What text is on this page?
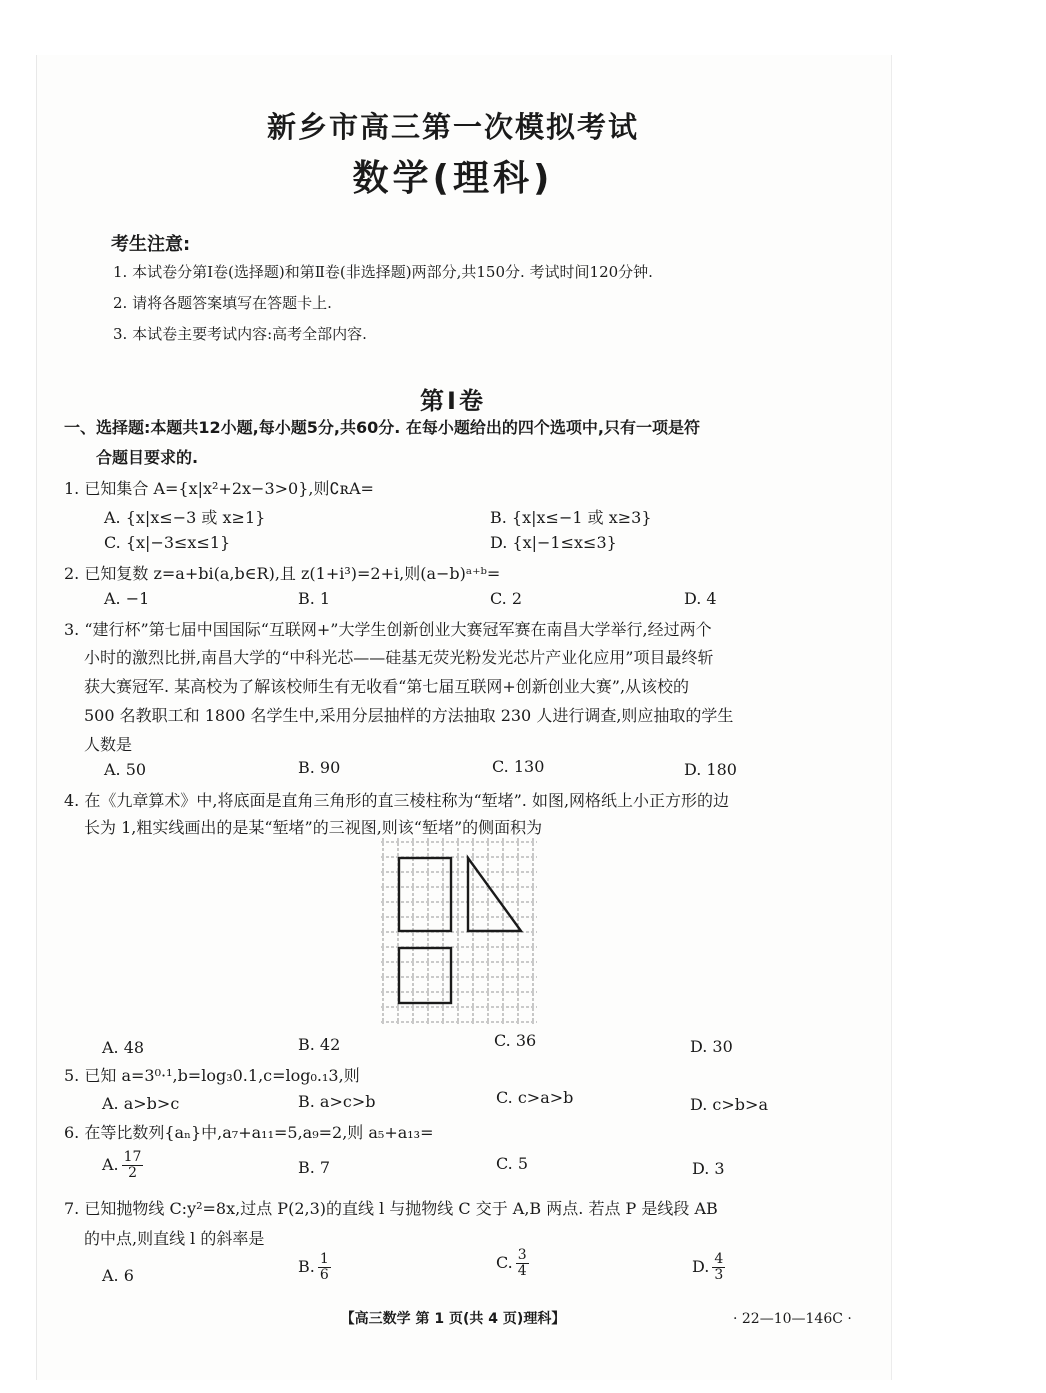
新乡市高三第一次模拟考试
数学(理科)
考生注意:
1. 本试卷分第Ⅰ卷(选择题)和第Ⅱ卷(非选择题)两部分,共150分. 考试时间120分钟.
2. 请将各题答案填写在答题卡上.
3. 本试卷主要考试内容:高考全部内容.
第Ⅰ卷
一、选择题:本题共12小题,每小题5分,共60分. 在每小题给出的四个选项中,只有一项是符
合题目要求的.
1. 已知集合 A={x|x²+2x−3>0},则∁ʀA=
A. {x|x≤−3 或 x≥1}	B. {x|x≤−1 或 x≥3}
C. {x|−3≤x≤1}	D. {x|−1≤x≤3}
2. 已知复数 z=a+bi(a,b∈R),且 z(1+i³)=2+i,则(a−b)ᵃ⁺ᵇ=
A. −1	B. 1	C. 2	D. 4
3. “建行杯”第七届中国国际“互联网+”大学生创新创业大赛冠军赛在南昌大学举行,经过两个
小时的激烈比拼,南昌大学的“中科光芯——硅基无荧光粉发光芯片产业化应用”项目最终斩
获大赛冠军. 某高校为了解该校师生有无收看“第七届互联网+创新创业大赛”,从该校的
500 名教职工和 1800 名学生中,采用分层抽样的方法抽取 230 人进行调查,则应抽取的学生
人数是
A. 50	B. 90	C. 130	D. 180
4. 在《九章算术》中,将底面是直角三角形的直三棱柱称为“堑堵”. 如图,网格纸上小正方形的边
长为 1,粗实线画出的是某“堑堵”的三视图,则该“堑堵”的侧面积为
A. 48	B. 42	C. 36	D. 30
5. 已知 a=3⁰·¹,b=log₃0.1,c=log₀.₁3,则
A. a>b>c	B. a>c>b	C. c>a>b	D. c>b>a
6. 在等比数列{aₙ}中,a₇+a₁₁=5,a₉=2,则 a₅+a₁₃=
A. $\frac{17}{2}$	B. 7	C. 5	D. 3
7. 已知抛物线 C:y²=8x,过点 P(2,3)的直线 l 与抛物线 C 交于 A,B 两点. 若点 P 是线段 AB
的中点,则直线 l 的斜率是
A. 6	B. $\frac{1}{6}$	C. $\frac{3}{4}$	D. $\frac{4}{3}$
【高三数学 第 1 页(共 4 页)理科】	· 22—10—146C ·
